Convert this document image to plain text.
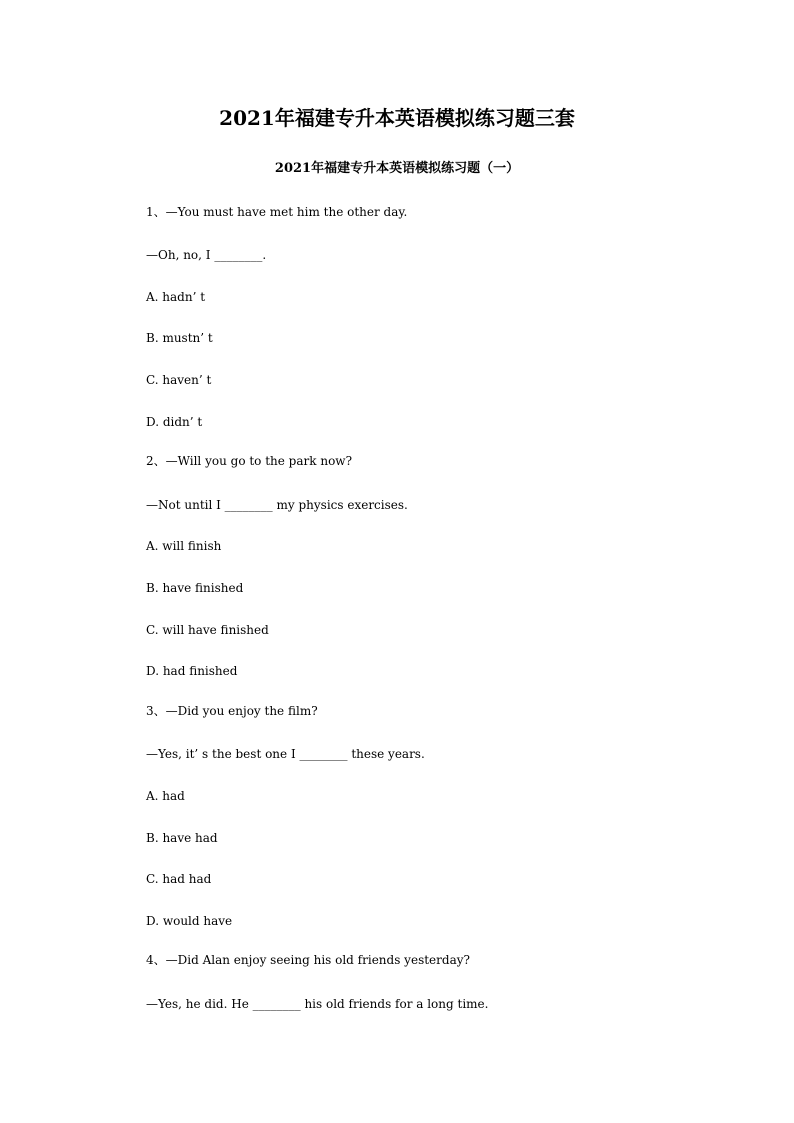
2021年福建专升本英语模拟练习题三套
2021年福建专升本英语模拟练习题（一）
1、—You must have met him the other day.
—Oh, no, I ________.
A. hadn’ t
B. mustn’ t
C. haven’ t
D. didn’ t
2、—Will you go to the park now?
—Not until I ________ my physics exercises.
A. will finish
B. have finished
C. will have finished
D. had finished
3、—Did you enjoy the film?
—Yes, it’ s the best one I ________ these years.
A. had
B. have had
C. had had
D. would have
4、—Did Alan enjoy seeing his old friends yesterday?
—Yes, he did. He ________ his old friends for a long time.
